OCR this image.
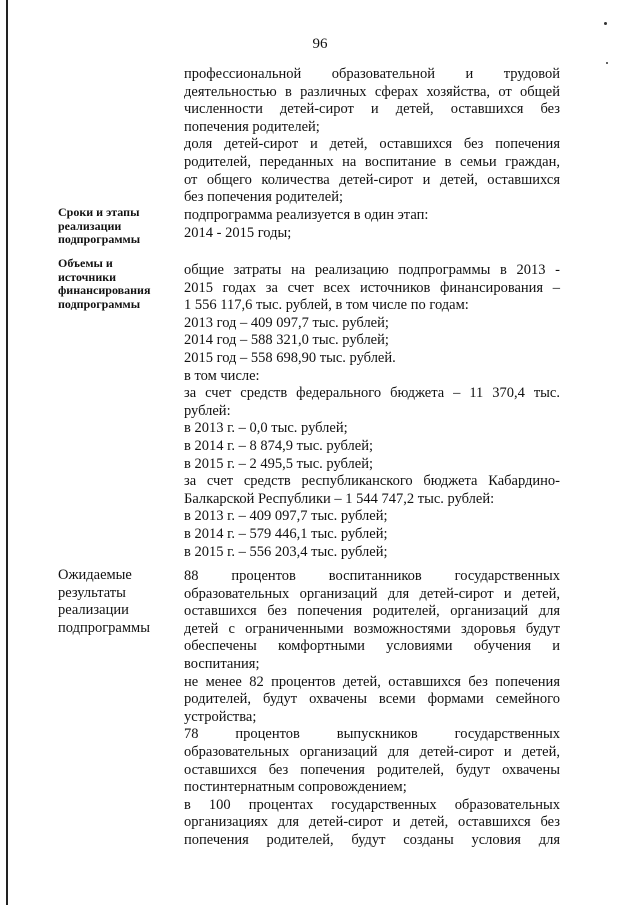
96
Сроки и этапы
реализации
подпрограммы
Объемы и
источники
финансирования
подпрограммы
Ожидаемые
результаты
реализации
подпрограммы
профессиональной образовательной и трудовой
деятельностью в различных сферах хозяйства, от общей
численности детей-сирот и детей, оставшихся без
попечения родителей;
доля детей-сирот и детей, оставшихся без попечения
родителей, переданных на воспитание в семьи граждан,
от общего количества детей-сирот и детей, оставшихся
без попечения родителей;
подпрограмма реализуется в один этап:
2014 - 2015 годы;
общие затраты на реализацию подпрограммы в 2013 -
2015 годах за счет всех источников финансирования –
1 556 117,6 тыс. рублей, в том числе по годам:
2013 год – 409 097,7 тыс. рублей;
2014 год – 588 321,0 тыс. рублей;
2015 год – 558 698,90 тыс. рублей.
в том числе:
за счет средств федерального бюджета – 11 370,4 тыс.
рублей:
в 2013 г. – 0,0 тыс. рублей;
в 2014 г. – 8 874,9 тыс. рублей;
в 2015 г. – 2 495,5 тыс. рублей;
за счет средств республиканского бюджета Кабардино-
Балкарской Республики – 1 544 747,2 тыс. рублей:
в 2013 г. – 409 097,7 тыс. рублей;
в 2014 г. – 579 446,1 тыс. рублей;
в 2015 г. – 556 203,4 тыс. рублей;
88 процентов воспитанников государственных
образовательных организаций для детей-сирот и детей,
оставшихся без попечения родителей, организаций для
детей с ограниченными возможностями здоровья будут
обеспечены комфортными условиями обучения и
воспитания;
не менее 82 процентов детей, оставшихся без попечения
родителей, будут охвачены всеми формами семейного
устройства;
78 процентов выпускников государственных
образовательных организаций для детей-сирот и детей,
оставшихся без попечения родителей, будут охвачены
постинтернатным сопровождением;
в 100 процентах государственных образовательных
организациях для детей-сирот и детей, оставшихся без
попечения родителей, будут созданы условия для
